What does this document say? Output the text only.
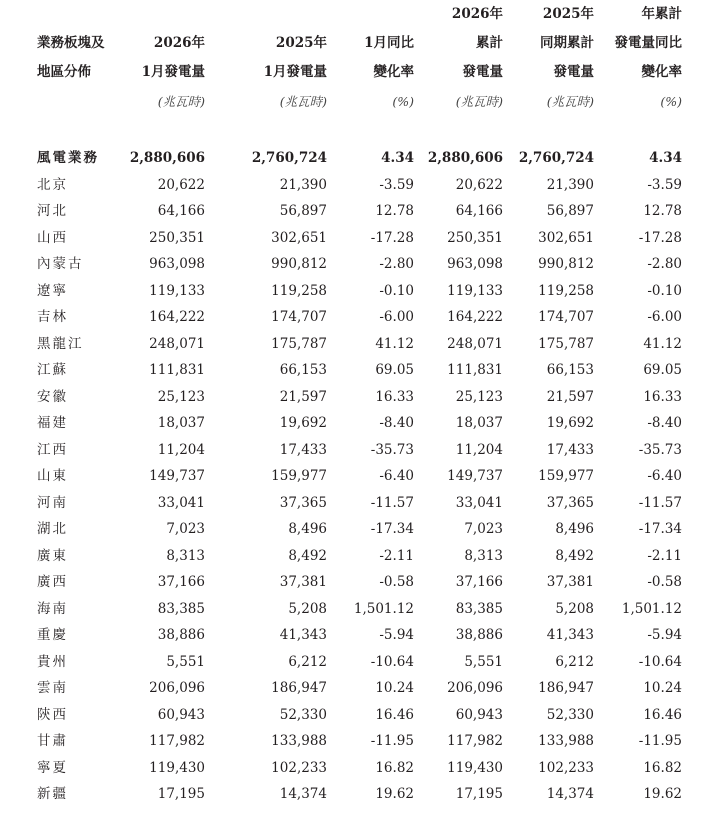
				2026年	2025年	年累計
業務板塊及	2026年	2025年	1月同比	累計	同期累計	發電量同比
地區分佈	1月發電量	1月發電量	變化率	發電量	發電量	變化率
	(兆瓦時)	(兆瓦時)	(%)	(兆瓦時)	(兆瓦時)	(%)

風電業務	2,880,606	2,760,724	4.34	2,880,606	2,760,724	4.34
北京	20,622	21,390	-3.59	20,622	21,390	-3.59
河北	64,166	56,897	12.78	64,166	56,897	12.78
山西	250,351	302,651	-17.28	250,351	302,651	-17.28
內蒙古	963,098	990,812	-2.80	963,098	990,812	-2.80
遼寧	119,133	119,258	-0.10	119,133	119,258	-0.10
吉林	164,222	174,707	-6.00	164,222	174,707	-6.00
黑龍江	248,071	175,787	41.12	248,071	175,787	41.12
江蘇	111,831	66,153	69.05	111,831	66,153	69.05
安徽	25,123	21,597	16.33	25,123	21,597	16.33
福建	18,037	19,692	-8.40	18,037	19,692	-8.40
江西	11,204	17,433	-35.73	11,204	17,433	-35.73
山東	149,737	159,977	-6.40	149,737	159,977	-6.40
河南	33,041	37,365	-11.57	33,041	37,365	-11.57
湖北	7,023	8,496	-17.34	7,023	8,496	-17.34
廣東	8,313	8,492	-2.11	8,313	8,492	-2.11
廣西	37,166	37,381	-0.58	37,166	37,381	-0.58
海南	83,385	5,208	1,501.12	83,385	5,208	1,501.12
重慶	38,886	41,343	-5.94	38,886	41,343	-5.94
貴州	5,551	6,212	-10.64	5,551	6,212	-10.64
雲南	206,096	186,947	10.24	206,096	186,947	10.24
陝西	60,943	52,330	16.46	60,943	52,330	16.46
甘肅	117,982	133,988	-11.95	117,982	133,988	-11.95
寧夏	119,430	102,233	16.82	119,430	102,233	16.82
新疆	17,195	14,374	19.62	17,195	14,374	19.62
